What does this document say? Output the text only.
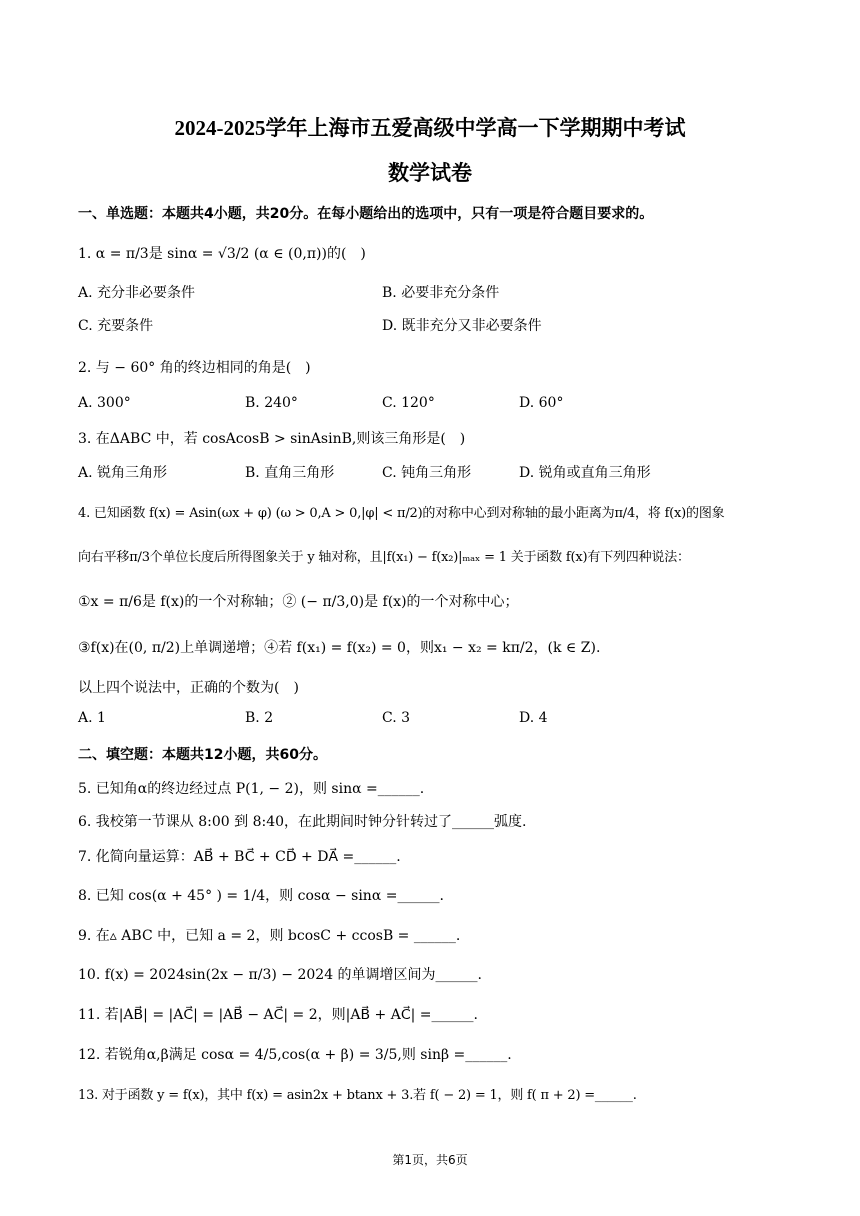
2024-2025学年上海市五爱高级中学高一下学期期中考试
数学试卷
一、单选题：本题共4小题，共20分。在每小题给出的选项中，只有一项是符合题目要求的。
1. α = π/3是 sinα = √3/2 (α ∈ (0,π))的(　)
A. 充分非必要条件	B. 必要非充分条件
C. 充要条件	D. 既非充分又非必要条件
2. 与 − 60° 角的终边相同的角是(　)
A. 300°	B. 240°	C. 120°	D. 60°
3. 在ΔABC 中，若 cosAcosB > sinAsinB,则该三角形是(　)
A. 锐角三角形	B. 直角三角形	C. 钝角三角形	D. 锐角或直角三角形
4. 已知函数 f(x) = Asin(ωx + φ) (ω > 0,A > 0,|φ| < π/2)的对称中心到对称轴的最小距离为π/4，将 f(x)的图象
向右平移π/3个单位长度后所得图象关于 y 轴对称，且|f(x₁) − f(x₂)|ₘₐₓ = 1 关于函数 f(x)有下列四种说法：
①x = π/6是 f(x)的一个对称轴；② (− π/3,0)是 f(x)的一个对称中心；
③f(x)在(0, π/2)上单调递增；④若 f(x₁) = f(x₂) = 0，则x₁ − x₂ = kπ/2，(k ∈ Z).
以上四个说法中，正确的个数为(　)
A. 1	B. 2	C. 3	D. 4
二、填空题：本题共12小题，共60分。
5. 已知角α的终边经过点 P(1, − 2)，则 sinα =______.
6. 我校第一节课从 8:00 到 8:40，在此期间时钟分针转过了______弧度.
7. 化简向量运算：AB⃗ + BC⃗ + CD⃗ + DA⃗ =______.
8. 已知 cos(α + 45° ) = 1/4，则 cosα − sinα =______.
9. 在▵ ABC 中，已知 a = 2，则 bcosC + ccosB = ______.
10. f(x) = 2024sin(2x − π/3) − 2024 的单调增区间为______.
11. 若|AB⃗| = |AC⃗| = |AB⃗ − AC⃗| = 2，则|AB⃗ + AC⃗| =______.
12. 若锐角α,β满足 cosα = 4/5,cos(α + β) = 3/5,则 sinβ =______.
13. 对于函数 y = f(x)，其中 f(x) = asin2x + btanx + 3.若 f( − 2) = 1，则 f( π + 2) =______.
第1页，共6页
